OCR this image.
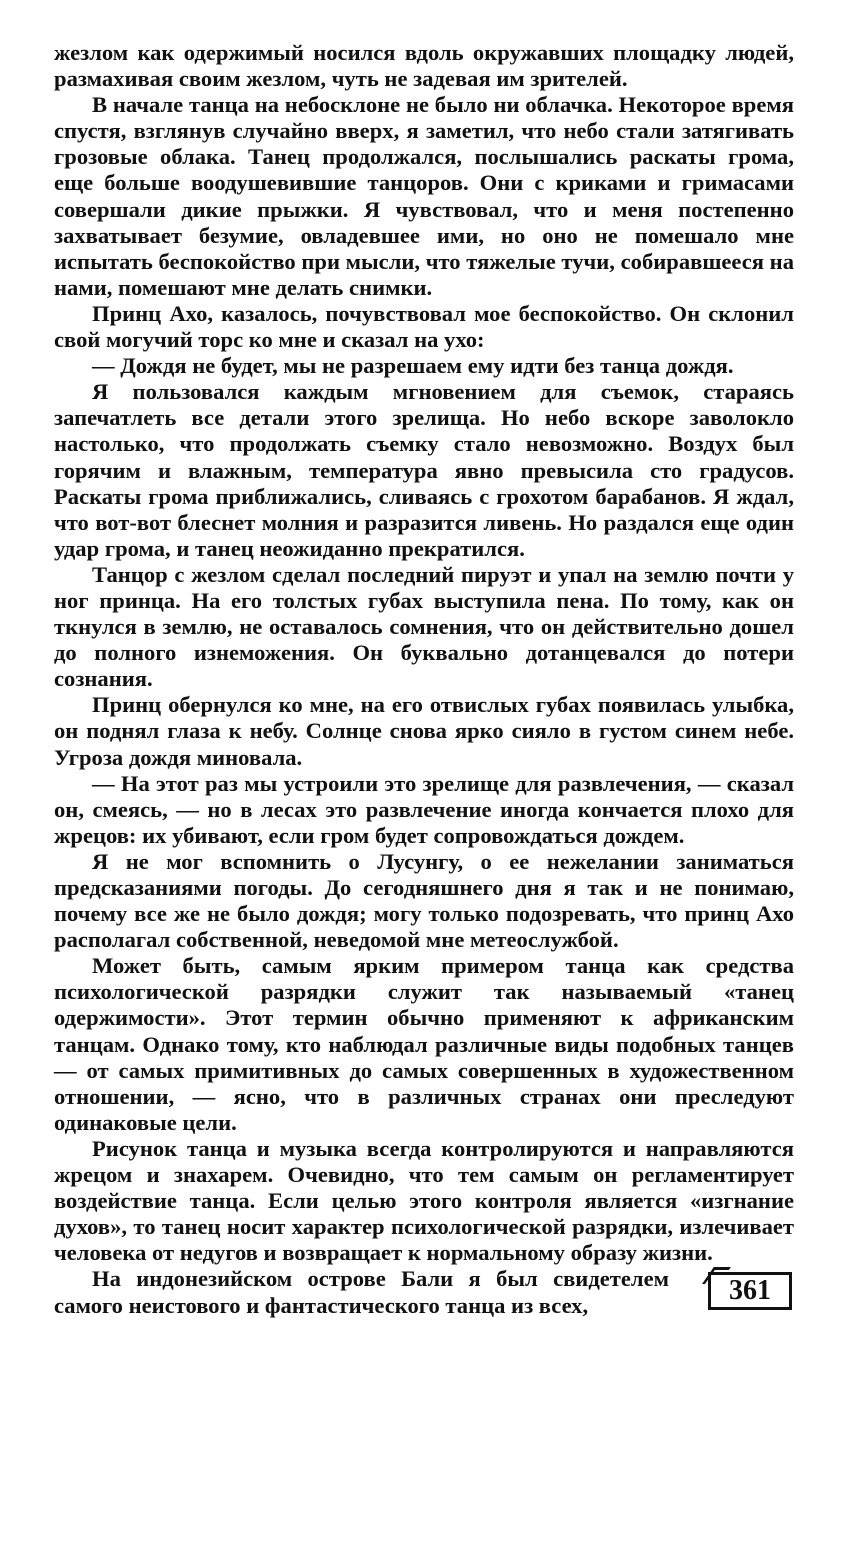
жезлом как одержимый носился вдоль окружавших площадку людей, размахивая своим жезлом, чуть не задевая им зрителей.

В начале танца на небосклоне не было ни облачка. Некоторое время спустя, взглянув случайно вверх, я заметил, что небо стали затягивать грозовые облака. Танец продолжался, послышались раскаты грома, еще больше воодушевившие танцоров. Они с криками и гримасами совершали дикие прыжки. Я чувствовал, что и меня постепенно захватывает безумие, овладевшее ими, но оно не помешало мне испытать беспокойство при мысли, что тяжелые тучи, собиравшееся на нами, помешают мне делать снимки.

Принц Ахо, казалось, почувствовал мое беспокойство. Он склонил свой могучий торс ко мне и сказал на ухо:

— Дождя не будет, мы не разрешаем ему идти без танца дождя.

Я пользовался каждым мгновением для съемок, стараясь запечатлеть все детали этого зрелища. Но небо вскоре заволокло настолько, что продолжать съемку стало невозможно. Воздух был горячим и влажным, температура явно превысила сто градусов. Раскаты грома приближались, сливаясь с грохотом барабанов. Я ждал, что вот-вот блеснет молния и разразится ливень. Но раздался еще один удар грома, и танец неожиданно прекратился.

Танцор с жезлом сделал последний пируэт и упал на землю почти у ног принца. На его толстых губах выступила пена. По тому, как он ткнулся в землю, не оставалось сомнения, что он действительно дошел до полного изнеможения. Он буквально дотанцевался до потери сознания.

Принц обернулся ко мне, на его отвислых губах появилась улыбка, он поднял глаза к небу. Солнце снова ярко сияло в густом синем небе. Угроза дождя миновала.

— На этот раз мы устроили это зрелище для развлечения, — сказал он, смеясь, — но в лесах это развлечение иногда кончается плохо для жрецов: их убивают, если гром будет сопровождаться дождем.

Я не мог вспомнить о Лусунгу, о ее нежелании заниматься предсказаниями погоды. До сегодняшнего дня я так и не понимаю, почему все же не было дождя; могу только подозревать, что принц Ахо располагал собственной, неведомой мне метеослужбой.

Может быть, самым ярким примером танца как средства психологической разрядки служит так называемый «танец одержимости». Этот термин обычно применяют к африканским танцам. Однако тому, кто наблюдал различные виды подобных танцев — от самых примитивных до самых совершенных в художественном отношении, — ясно, что в различных странах они преследуют одинаковые цели.

Рисунок танца и музыка всегда контролируются и направляются жрецом и знахарем. Очевидно, что тем самым он регламентирует воздействие танца. Если целью этого контроля является «изгнание духов», то танец носит характер психологической разрядки, излечивает человека от недугов и возвращает к нормальному образу жизни.

На индонезийском острове Бали я был свидетелем самого неистового и фантастического танца из всех,	361
